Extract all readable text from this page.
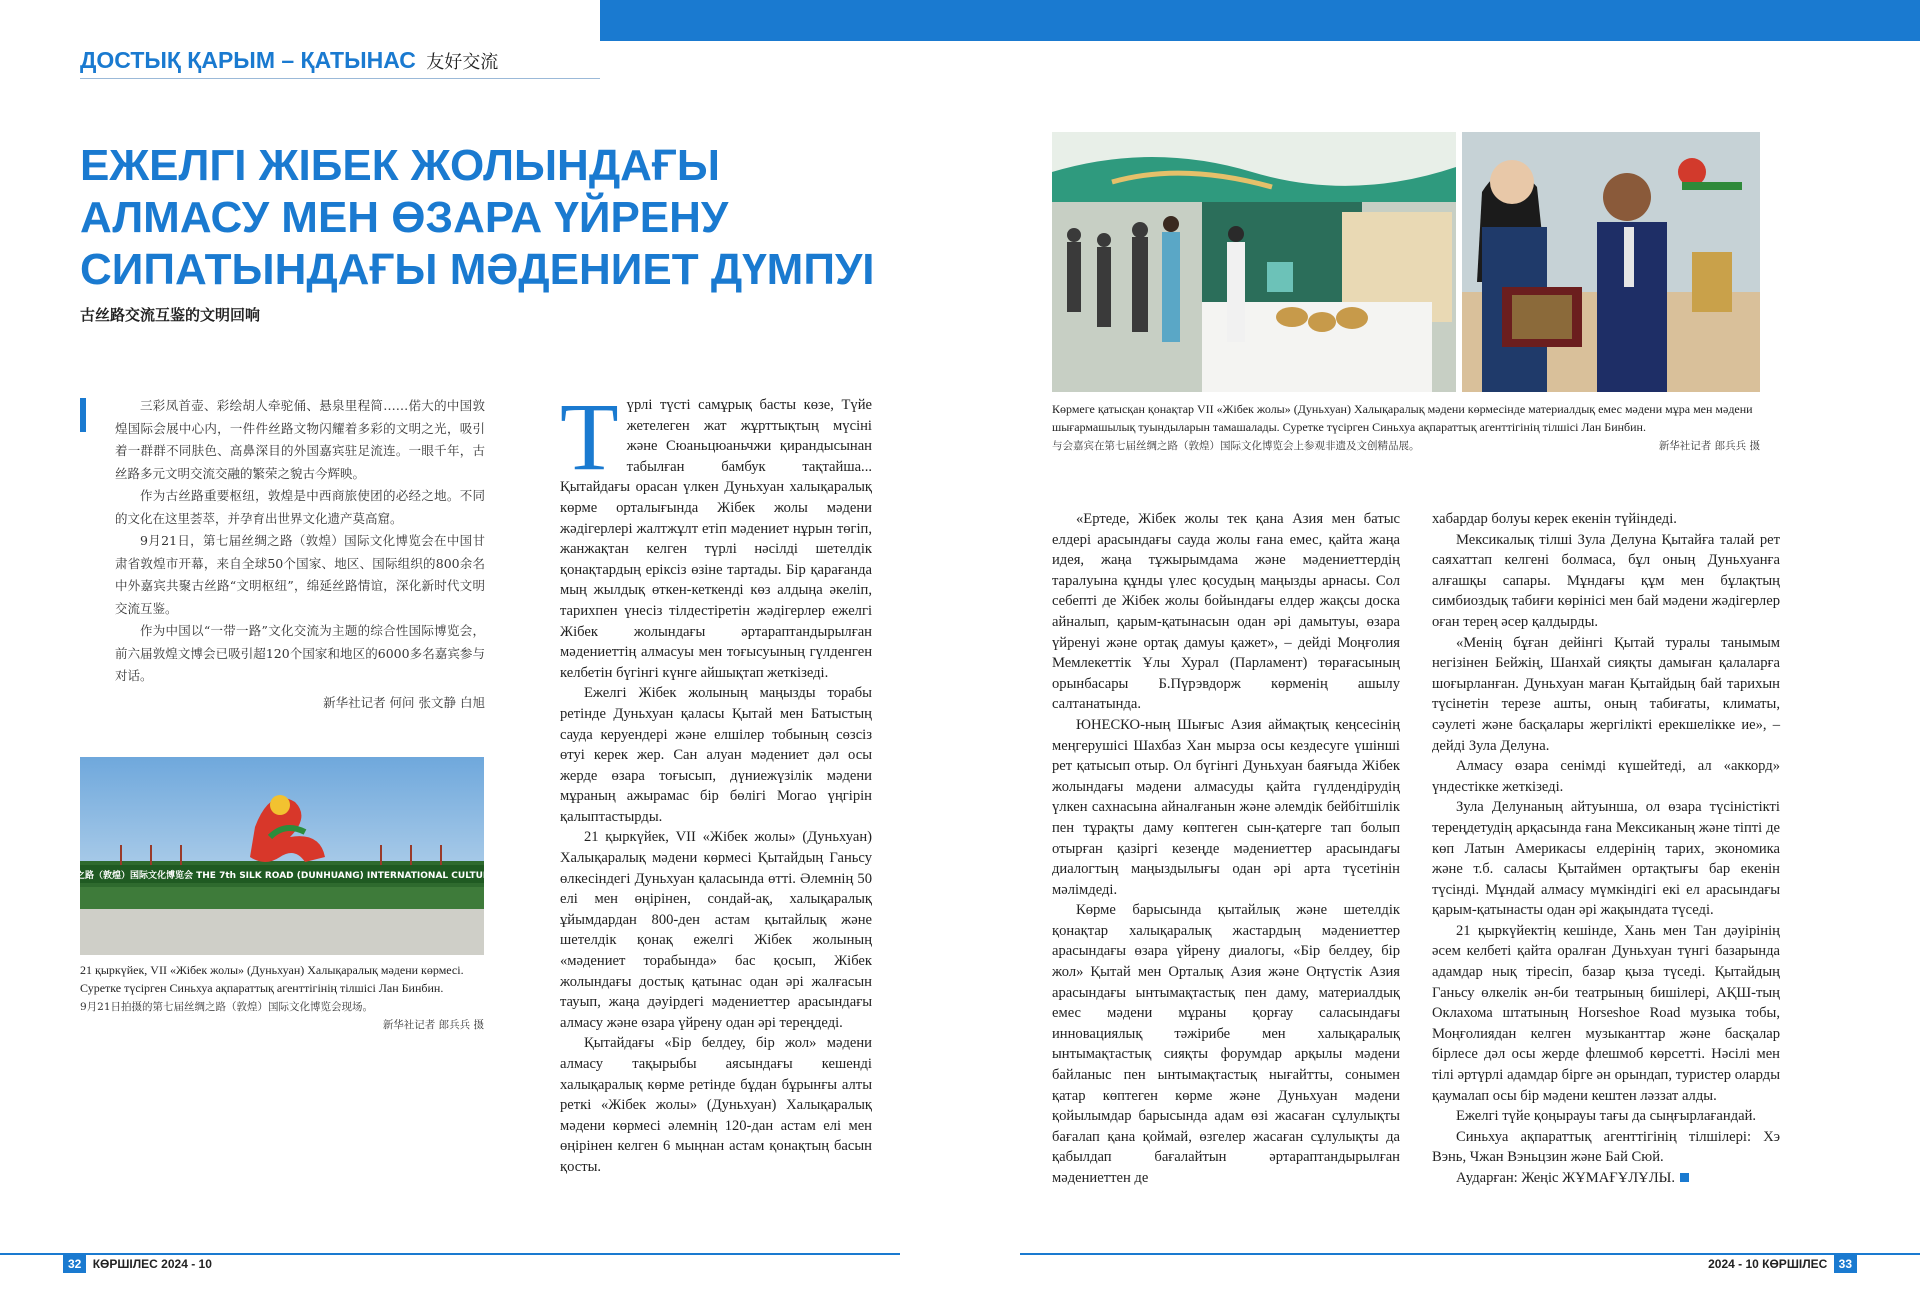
ДОСТЫҚ ҚАРЫМ – ҚАТЫНАС 友好交流
ЕЖЕЛГІ ЖІБЕК ЖОЛЫНДАҒЫ АЛМАСУ МЕН ӨЗАРА ҮЙРЕНУ СИПАТЫНДАҒЫ МӘДЕНИЕТ ДҮМПУІ
古丝路交流互鉴的文明回响

三彩凤首壶、彩绘胡人牵驼俑、悬泉里程简……偌大的中国敦煌国际会展中心内，一件件丝路文物闪耀着多彩的文明之光，吸引着一群群不同肤色、高鼻深目的外国嘉宾驻足流连。一眼千年，古丝路多元文明交流交融的繁荣之貌古今辉映。

作为古丝路重要枢纽，敦煌是中西商旅使团的必经之地。不同的文化在这里荟萃，并孕育出世界文化遗产莫高窟。

9月21日，第七届丝绸之路（敦煌）国际文化博览会在中国甘肃省敦煌市开幕，来自全球50个国家、地区、国际组织的800余名中外嘉宾共聚古丝路“文明枢纽”，绵延丝路情谊，深化新时代文明交流互鉴。

作为中国以“一带一路”文化交流为主题的综合性国际博览会，前六届敦煌文博会已吸引超120个国家和地区的6000多名嘉宾参与对话。

新华社记者 何问 张文静 白旭

第七届丝绸之路（敦煌）国际文化博览会 THE 7th SILK ROAD (DUNHUANG) INTERNATIONAL CULTURAL EXPO
21 қыркүйек, VII «Жібек жолы» (Дуньхуан) Халықаралық мәдени көрмесі. Суретке түсірген Синьхуа ақпараттық агенттігінің тілшісі Лан Бинбин.
9月21日拍摄的第七届丝绸之路（敦煌）国际文化博览会现场。
新华社记者 郎兵兵 摄

Түрлі түсті самұрық басты көзе, Түйе жетелеген жат жұрттықтың мүсіні және Сюаньцюаньчжи қирандысынан табылған бамбук тақтайша... Қытайдағы орасан үлкен Дуньхуан халықаралық көрме орталығында Жібек жолы мәдени жәдігерлері жалтжұлт етіп мәдениет нұрын төгіп, жанжақтан келген түрлі нәсілді шетелдік қонақтардың еріксіз өзіне тартады. Бір қарағанда мың жылдық өткен-кеткенді көз алдыңа әкеліп, тарихпен үнесіз тілдестіретін жәдігерлер ежелгі Жібек жолындағы әртараптандырылған мәдениеттің алмасуы мен тоғысуының гүлденген келбетін бүгінгі күнге айшықтап жеткізеді.

Ежелгі Жібек жолының маңызды торабы ретінде Дуньхуан қаласы Қытай мен Батыстың сауда керуендері және елшілер тобының сөзсіз өтуі керек жер. Сан алуан мәдениет дәл осы жерде өзара тоғысып, дүниежүзілік мәдени мұраның ажырамас бір бөлігі Могао үңгірін қалыптастырды.

21 қыркүйек, VII «Жібек жолы» (Дуньхуан) Халықаралық мәдени көрмесі Қытайдың Ганьсу өлкесіндегі Дуньхуан қаласында өтті. Әлемнің 50 елі мен өңірінен, сондай-ақ, халықаралық ұйымдардан 800-ден астам қытайлық және шетелдік қонақ ежелгі Жібек жолының «мәдениет торабында» бас қосып, Жібек жолындағы достық қатынас одан әрі жалғасын тауып, жаңа дәуірдегі мәдениеттер арасындағы алмасу және өзара үйрену одан әрі тереңдеді.

Қытайдағы «Бір белдеу, бір жол» мәдени алмасу тақырыбы аясындағы кешенді халықаралық көрме ретінде бұдан бұрынғы алты реткі «Жібек жолы» (Дуньхуан) Халықаралық мәдени көрмесі әлемнің 120-дан астам елі мен өңірінен келген 6 мыңнан астам қонақтың басын қосты.

Көрмеге қатысқан қонақтар VII «Жібек жолы» (Дуньхуан) Халықаралық мәдени көрмесінде материалдық емес мәдени мұра мен мәдени шығармашылық туындыларын тамашалады. Суретке түсірген Синьхуа ақпараттық агенттігінің тілшісі Лан Бинбин.
与会嘉宾在第七届丝绸之路（敦煌）国际文化博览会上参观非遗及文创精品展。	新华社记者 郎兵兵 摄

«Ертеде, Жібек жолы тек қана Азия мен батыс елдері арасындағы сауда жолы ғана емес, қайта жаңа идея, жаңа тұжырымдама және мәдениеттердің таралуына құнды үлес қосудың маңызды арнасы. Сол себепті де Жібек жолы бойындағы елдер жақсы доска айналып, қарым-қатынасын одан әрі дамытуы, өзара үйренуі және ортақ дамуы қажет», – дейді Моңғолия Мемлекеттік Ұлы Хурал (Парламент) төрағасының орынбасары Б.Пүрэвдорж көрменің ашылу салтанатында.

ЮНЕСКО-ның Шығыс Азия аймақтық кеңсесінің меңгерушісі Шахбаз Хан мырза осы кездесуге үшінші рет қатысып отыр. Ол бүгінгі Дуньхуан баяғыда Жібек жолындағы мәдени алмасуды қайта гүлдендірудің үлкен сахнасына айналғанын және әлемдік бейбітшілік пен тұрақты даму көптеген сын-қатерге тап болып отырған қазіргі кезеңде мәдениеттер арасындағы диалогтың маңыздылығы одан әрі арта түсетінін мәлімдеді.

Көрме барысында қытайлық және шетелдік қонақтар халықаралық жастардың мәдениеттер арасындағы өзара үйрену диалогы, «Бір белдеу, бір жол» Қытай мен Орталық Азия және Оңтүстік Азия арасындағы ынтымақтастық пен даму, материалдық емес мәдени мұраны қорғау саласындағы инновациялық тәжірибе мен халықаралық ынтымақтастық сияқты форумдар арқылы мәдени байланыс пен ынтымақтастық нығайтты, сонымен қатар көптеген көрме және Дуньхуан мәдени қойылымдар барысында адам өзі жасаған сұлулықты бағалап қана қоймай, өзгелер жасаған сұлулықты да қабылдап бағалайтын әртараптандырылған мәдениеттен де

хабардар болуы керек екенін түйіндеді.

Мексикалық тілші Зула Делуна Қытайға талай рет саяхаттап келгені болмаса, бұл оның Дуньхуанға алғашқы сапары. Мұндағы құм мен бұлақтың симбиоздық табиғи көрінісі мен бай мәдени жәдігерлер оған терең әсер қалдырды.

«Менің бұған дейінгі Қытай туралы танымым негізінен Бейжің, Шанхай сияқты дамыған қалаларға шоғырланған. Дуньхуан маған Қытайдың бай тарихын түсінетін терезе ашты, оның табиғаты, климаты, сәулеті және басқалары жергілікті ерекшелікке ие», – дейді Зула Делуна.

Алмасу өзара сенімді күшейтеді, ал «аккорд» үндестікке жеткізеді.

Зула Делунаның айтуынша, ол өзара түсіністікті тереңдетудің арқасында ғана Мексиканың және тіпті де көп Латын Америкасы елдерінің тарих, экономика және т.б. саласы Қытаймен ортақтығы бар екенін түсінді. Мұндай алмасу мүмкіндігі екі ел арасындағы қарым-қатынасты одан әрі жақындата түседі.

21 қыркүйектің кешінде, Хань мен Тан дәуірінің әсем келбеті қайта оралған Дуньхуан түнгі базарында адамдар нық тіресіп, базар қыза түседі. Қытайдың Ганьсу өлкелік ән-би театрының бишілері, АҚШ-тың Оклахома штатының Horseshoe Road музыка тобы, Моңғолиядан келген музыканттар және басқалар бірлесе дәл осы жерде флешмоб көрсетті. Нәсілі мен тілі әртүрлі адамдар бірге ән орындап, туристер оларды қаумалап осы бір мәдени кештен ләззат алды.

Ежелгі түйе қоңырауы тағы да сыңғырлағандай.

Синьхуа ақпараттық агенттігінің тілшілері: Хэ Вэнь, Чжан Вэньцзин және Бай Сюй.

Аударған: Жеңіс ЖҰМАҒҰЛҰЛЫ.

32 КӨРШІЛЕС 2024 - 10	2024 - 10 КӨРШІЛЕС 33
